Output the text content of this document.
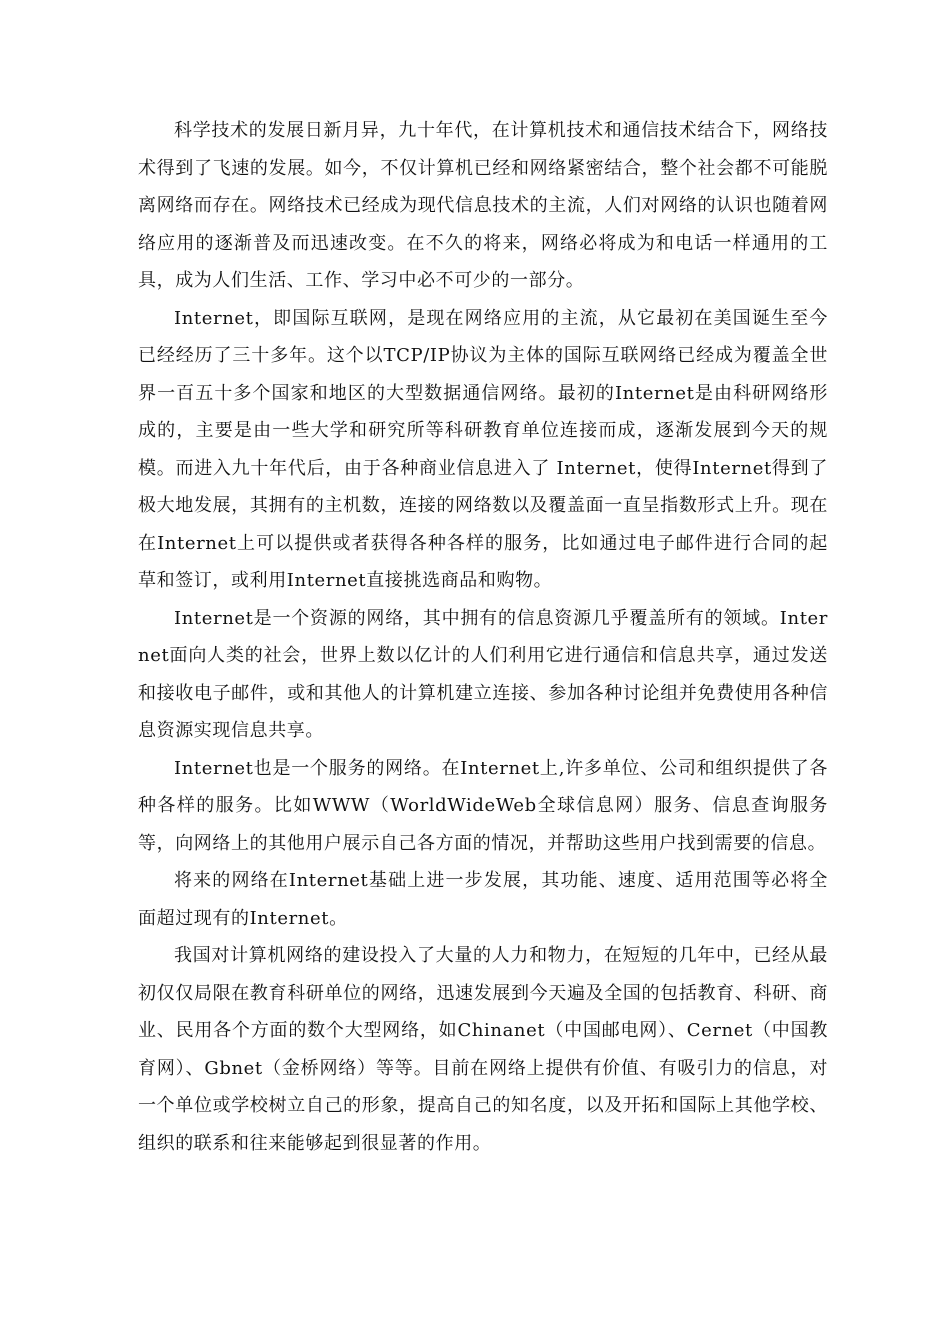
科学技术的发展日新月异，九十年代，在计算机技术和通信技术结合下，网络技术得到了飞速的发展。如今，不仅计算机已经和网络紧密结合，整个社会都不可能脱离网络而存在。网络技术已经成为现代信息技术的主流，人们对网络的认识也随着网络应用的逐渐普及而迅速改变。在不久的将来，网络必将成为和电话一样通用的工具，成为人们生活、工作、学习中必不可少的一部分。

Internet，即国际互联网，是现在网络应用的主流，从它最初在美国诞生至今已经经历了三十多年。这个以TCP/IP协议为主体的国际互联网络已经成为覆盖全世界一百五十多个国家和地区的大型数据通信网络。最初的Internet是由科研网络形成的，主要是由一些大学和研究所等科研教育单位连接而成，逐渐发展到今天的规模。而进入九十年代后，由于各种商业信息进入了 Internet，使得Internet得到了极大地发展，其拥有的主机数，连接的网络数以及覆盖面一直呈指数形式上升。现在在Internet上可以提供或者获得各种各样的服务，比如通过电子邮件进行合同的起草和签订，或利用Internet直接挑选商品和购物。

Internet是一个资源的网络，其中拥有的信息资源几乎覆盖所有的领域。Internet面向人类的社会，世界上数以亿计的人们利用它进行通信和信息共享，通过发送和接收电子邮件，或和其他人的计算机建立连接、参加各种讨论组并免费使用各种信息资源实现信息共享。

Internet也是一个服务的网络。在Internet上,许多单位、公司和组织提供了各种各样的服务。比如WWW（WorldWideWeb全球信息网）服务、信息查询服务等，向网络上的其他用户展示自己各方面的情况，并帮助这些用户找到需要的信息。

将来的网络在Internet基础上进一步发展，其功能、速度、适用范围等必将全面超过现有的Internet。

我国对计算机网络的建设投入了大量的人力和物力，在短短的几年中，已经从最初仅仅局限在教育科研单位的网络，迅速发展到今天遍及全国的包括教育、科研、商业、民用各个方面的数个大型网络，如Chinanet（中国邮电网）、Cernet（中国教育网）、Gbnet（金桥网络）等等。目前在网络上提供有价值、有吸引力的信息，对一个单位或学校树立自己的形象，提高自己的知名度，以及开拓和国际上其他学校、组织的联系和往来能够起到很显著的作用。
